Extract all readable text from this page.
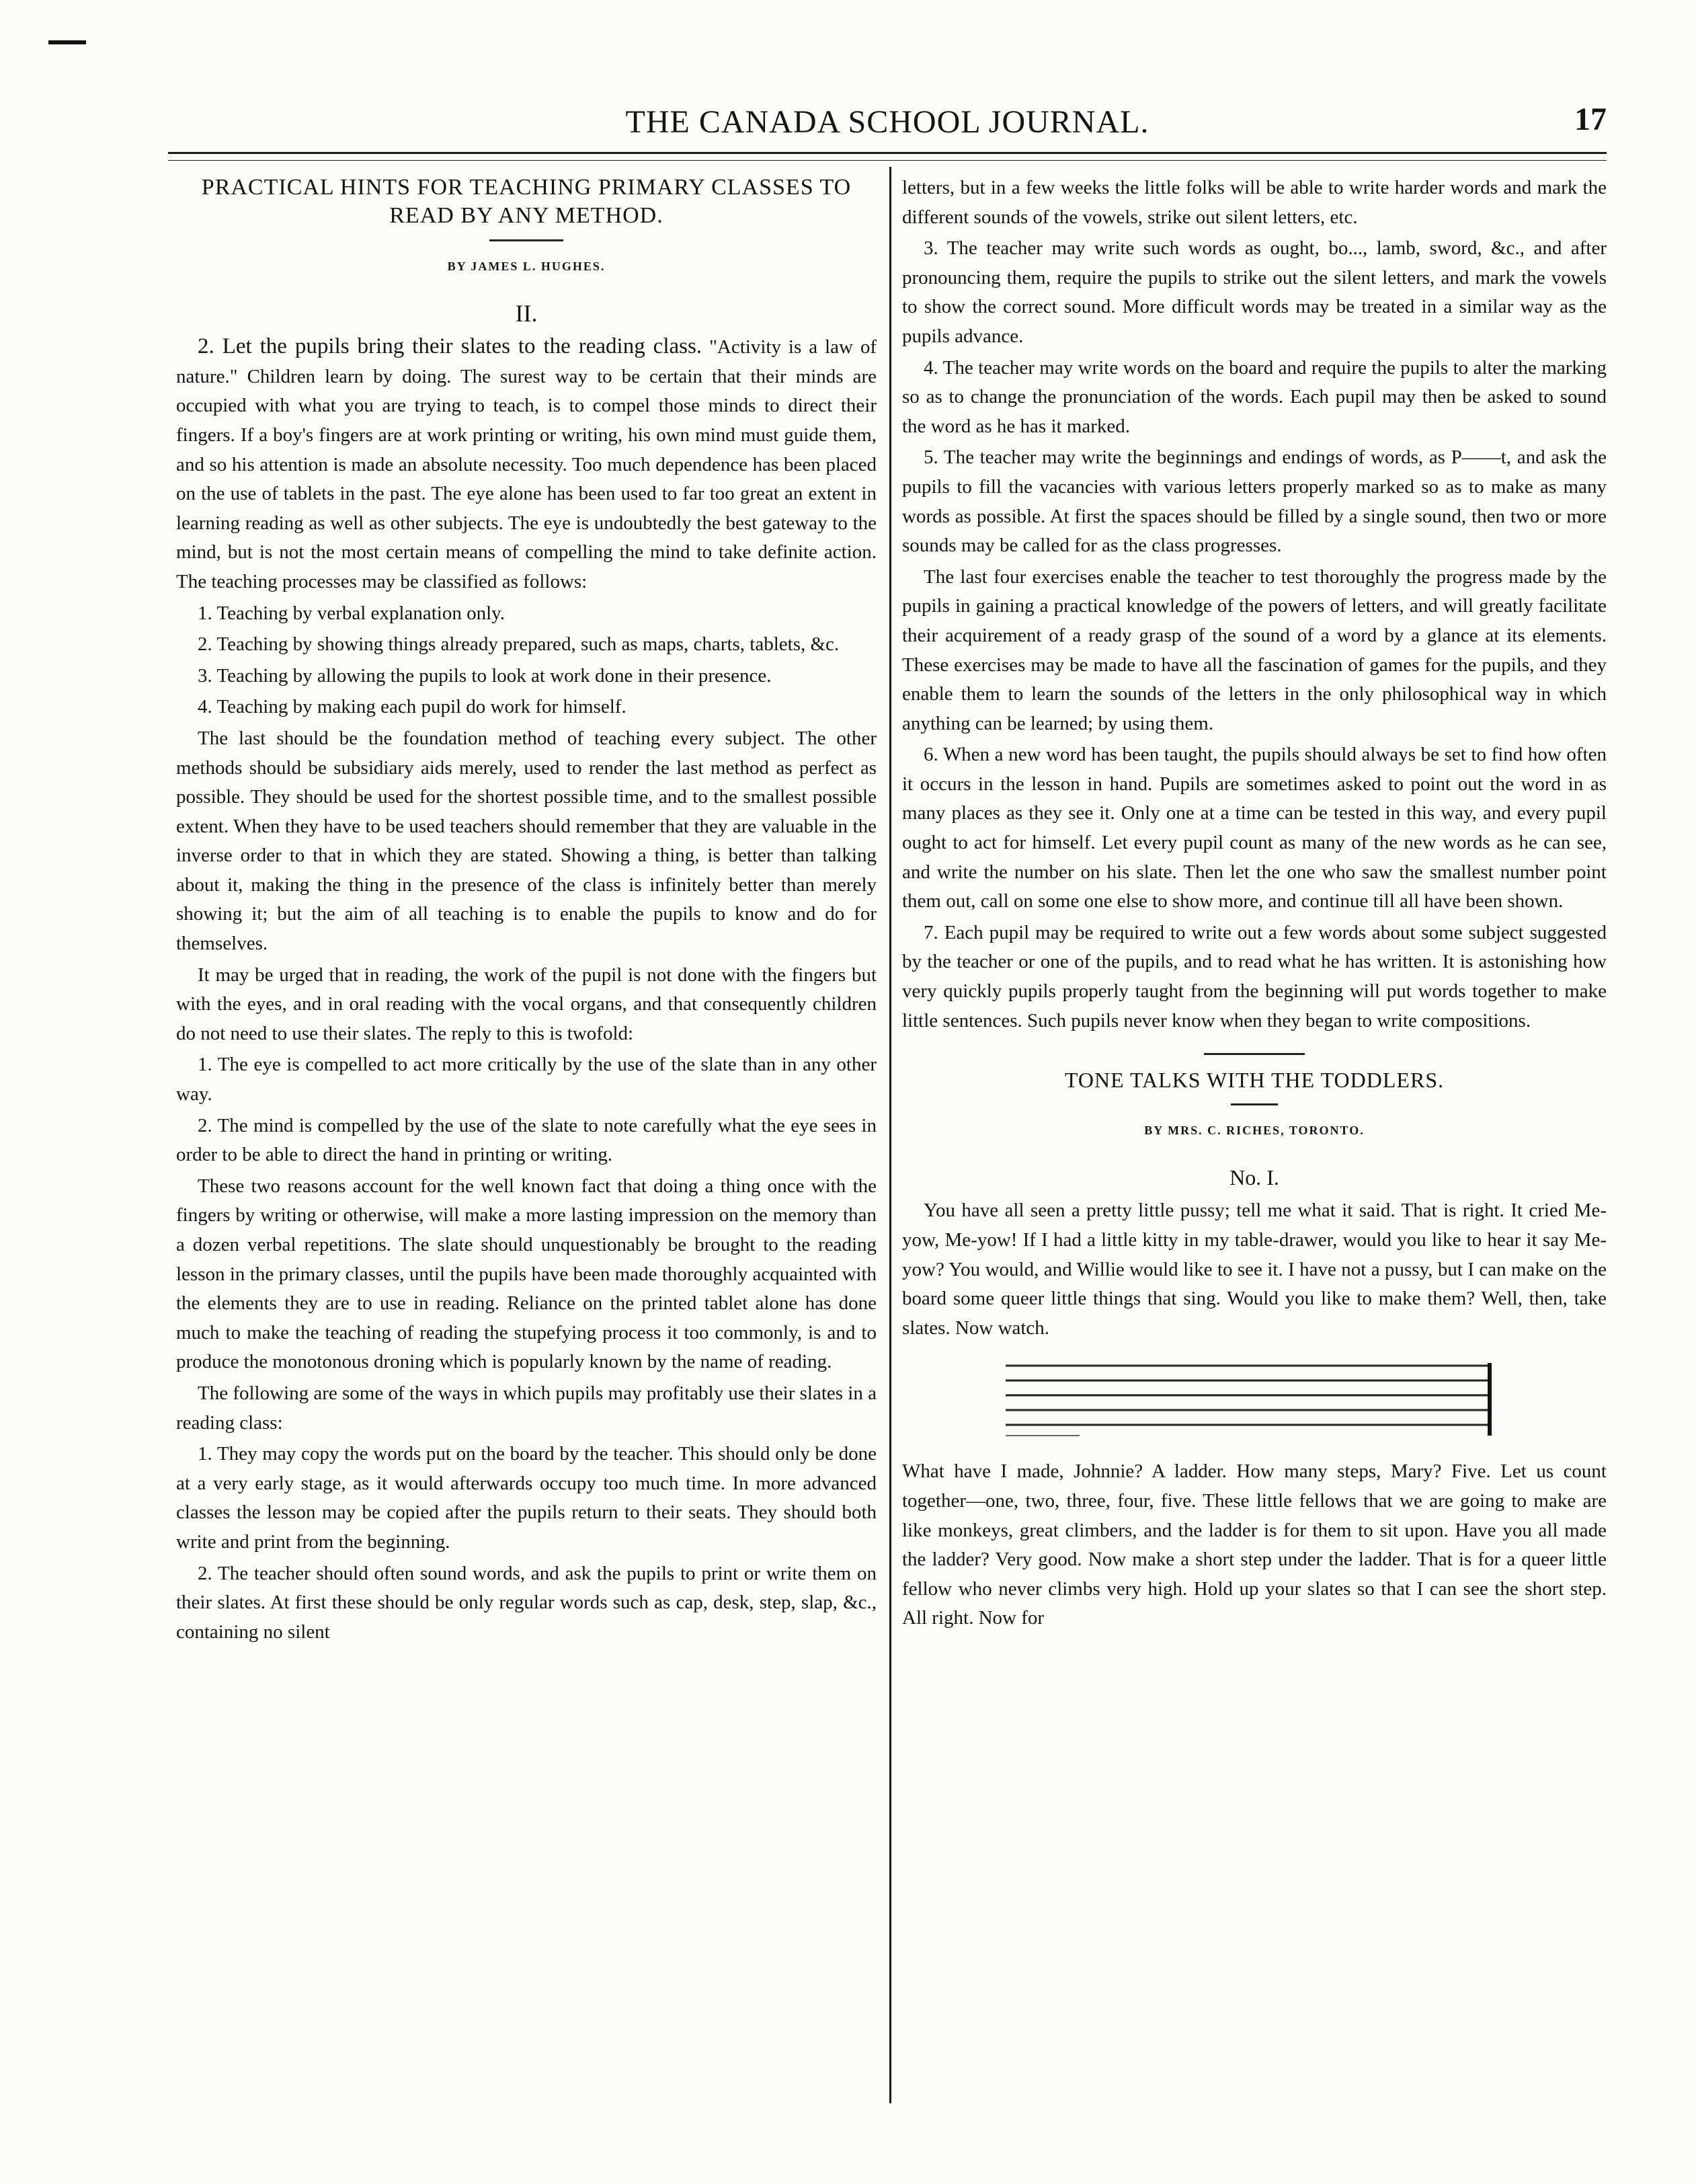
THE CANADA SCHOOL JOURNAL.	17
PRACTICAL HINTS FOR TEACHING PRIMARY CLASSES TO READ BY ANY METHOD.
BY JAMES L. HUGHES.
II.

2. Let the pupils bring their slates to the reading class. "Activity is a law of nature." Children learn by doing. The surest way to be certain that their minds are occupied with what you are trying to teach, is to compel those minds to direct their fingers. If a boy's fingers are at work printing or writing, his own mind must guide them, and so his attention is made an absolute necessity. Too much dependence has been placed on the use of tablets in the past. The eye alone has been used to far too great an extent in learning reading as well as other subjects. The eye is undoubtedly the best gateway to the mind, but is not the most certain means of compelling the mind to take definite action. The teaching processes may be classified as follows:

1. Teaching by verbal explanation only.

2. Teaching by showing things already prepared, such as maps, charts, tablets, &c.

3. Teaching by allowing the pupils to look at work done in their presence.

4. Teaching by making each pupil do work for himself.

The last should be the foundation method of teaching every subject. The other methods should be subsidiary aids merely, used to render the last method as perfect as possible. They should be used for the shortest possible time, and to the smallest possible extent. When they have to be used teachers should remember that they are valuable in the inverse order to that in which they are stated. Showing a thing, is better than talking about it, making the thing in the presence of the class is infinitely better than merely showing it; but the aim of all teaching is to enable the pupils to know and do for themselves.

It may be urged that in reading, the work of the pupil is not done with the fingers but with the eyes, and in oral reading with the vocal organs, and that consequently children do not need to use their slates. The reply to this is twofold:

1. The eye is compelled to act more critically by the use of the slate than in any other way.

2. The mind is compelled by the use of the slate to note carefully what the eye sees in order to be able to direct the hand in printing or writing.

These two reasons account for the well known fact that doing a thing once with the fingers by writing or otherwise, will make a more lasting impression on the memory than a dozen verbal repetitions. The slate should unquestionably be brought to the reading lesson in the primary classes, until the pupils have been made thoroughly acquainted with the elements they are to use in reading. Reliance on the printed tablet alone has done much to make the teaching of reading the stupefying process it too commonly, is and to produce the monotonous droning which is popularly known by the name of reading.

The following are some of the ways in which pupils may profitably use their slates in a reading class:

1. They may copy the words put on the board by the teacher. This should only be done at a very early stage, as it would afterwards occupy too much time. In more advanced classes the lesson may be copied after the pupils return to their seats. They should both write and print from the beginning.

2. The teacher should often sound words, and ask the pupils to print or write them on their slates. At first these should be only regular words such as cap, desk, step, slap, &c., containing no silent

letters, but in a few weeks the little folks will be able to write harder words and mark the different sounds of the vowels, strike out silent letters, etc.

3. The teacher may write such words as ought, bo..., lamb, sword, &c., and after pronouncing them, require the pupils to strike out the silent letters, and mark the vowels to show the correct sound. More difficult words may be treated in a similar way as the pupils advance.

4. The teacher may write words on the board and require the pupils to alter the marking so as to change the pronunciation of the words. Each pupil may then be asked to sound the word as he has it marked.

5. The teacher may write the beginnings and endings of words, as P——t, and ask the pupils to fill the vacancies with various letters properly marked so as to make as many words as possible. At first the spaces should be filled by a single sound, then two or more sounds may be called for as the class progresses.

The last four exercises enable the teacher to test thoroughly the progress made by the pupils in gaining a practical knowledge of the powers of letters, and will greatly facilitate their acquirement of a ready grasp of the sound of a word by a glance at its elements. These exercises may be made to have all the fascination of games for the pupils, and they enable them to learn the sounds of the letters in the only philosophical way in which anything can be learned; by using them.

6. When a new word has been taught, the pupils should always be set to find how often it occurs in the lesson in hand. Pupils are sometimes asked to point out the word in as many places as they see it. Only one at a time can be tested in this way, and every pupil ought to act for himself. Let every pupil count as many of the new words as he can see, and write the number on his slate. Then let the one who saw the smallest number point them out, call on some one else to show more, and continue till all have been shown.

7. Each pupil may be required to write out a few words about some subject suggested by the teacher or one of the pupils, and to read what he has written. It is astonishing how very quickly pupils properly taught from the beginning will put words together to make little sentences. Such pupils never know when they began to write compositions.

TONE TALKS WITH THE TODDLERS.
BY MRS. C. RICHES, TORONTO.
No. I.

You have all seen a pretty little pussy; tell me what it said. That is right. It cried Me-yow, Me-yow! If I had a little kitty in my table-drawer, would you like to hear it say Me-yow? You would, and Willie would like to see it. I have not a pussy, but I can make on the board some queer little things that sing. Would you like to make them? Well, then, take slates. Now watch.

What have I made, Johnnie? A ladder. How many steps, Mary? Five. Let us count together—one, two, three, four, five. These little fellows that we are going to make are like monkeys, great climbers, and the ladder is for them to sit upon. Have you all made the ladder? Very good. Now make a short step under the ladder. That is for a queer little fellow who never climbs very high. Hold up your slates so that I can see the short step. All right. Now for
